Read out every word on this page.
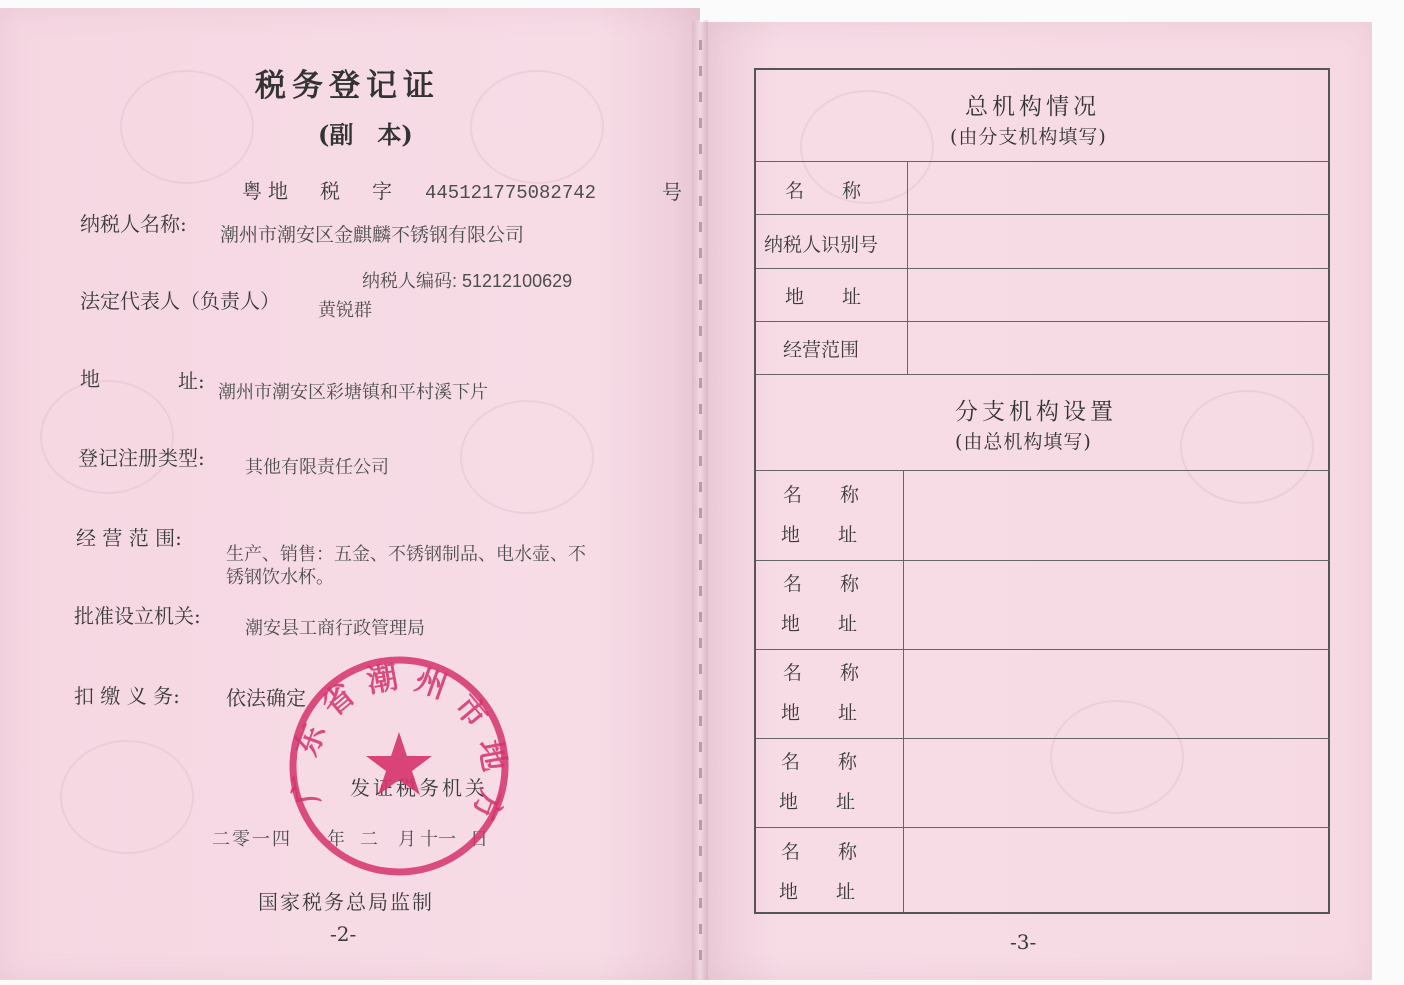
税务登记证
(副　本)
粤地　税　字 445121775082742	号
纳税人名称: 潮州市潮安区金麒麟不锈钢有限公司
纳税人编码: 51212100629
法定代表人（负责人） 黄锐群
地	址: 潮州市潮安区彩塘镇和平村溪下片
登记注册类型: 其他有限责任公司
经 营 范 围:
生产、销售：五金、不锈钢制品、电水壶、不
锈钢饮水杯。
批准设立机关: 潮安县工商行政管理局
扣 缴 义 务: 依法确定
发证税务机关
二零一四 年 二 月 十一 日
国家税务总局监制
-2-
广东省潮州市地方
总机构情况
(由分支机构填写)
名　　称
纳税人识别号
地　　址
经营范围
分支机构设置
(由总机构填写)
名　　称
地　　址
名　　称
地　　址
名　　称
地　　址
名　　称
地　　址
名　　称
地　　址
-3-
